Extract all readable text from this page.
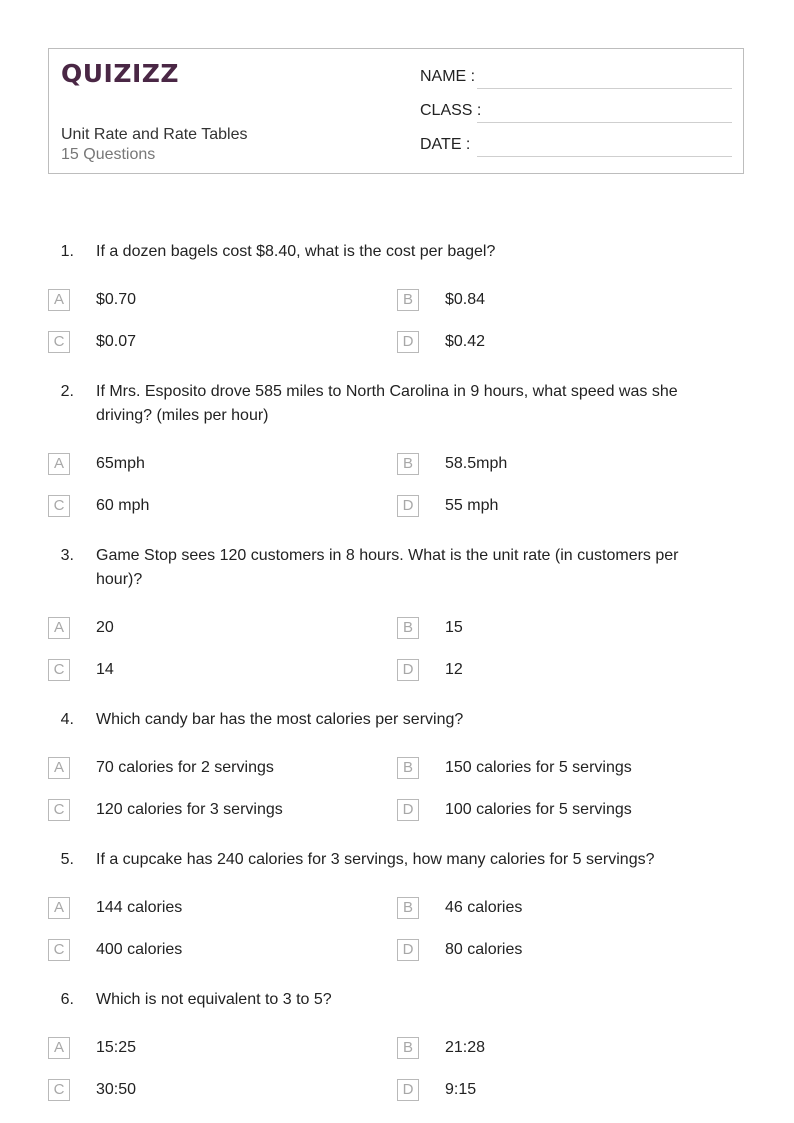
QUIZIZZ
Unit Rate and Rate Tables
15 Questions
NAME :
CLASS :
DATE :
1. If a dozen bagels cost $8.40, what is the cost per bagel?
A	$0.70	B	$0.84
C	$0.07	D	$0.42
2. If Mrs. Esposito drove 585 miles to North Carolina in 9 hours, what speed was she driving? (miles per hour)
A	65mph	B	58.5mph
C	60 mph	D	55 mph
3. Game Stop sees 120 customers in 8 hours. What is the unit rate (in customers per hour)?
A	20	B	15
C	14	D	12
4. Which candy bar has the most calories per serving?
A	70 calories for 2 servings	B	150 calories for 5 servings
C	120 calories for 3 servings	D	100 calories for 5 servings
5. If a cupcake has 240 calories for 3 servings, how many calories for 5 servings?
A	144 calories	B	46 calories
C	400 calories	D	80 calories
6. Which is not equivalent to 3 to 5?
A	15:25	B	21:28
C	30:50	D	9:15
